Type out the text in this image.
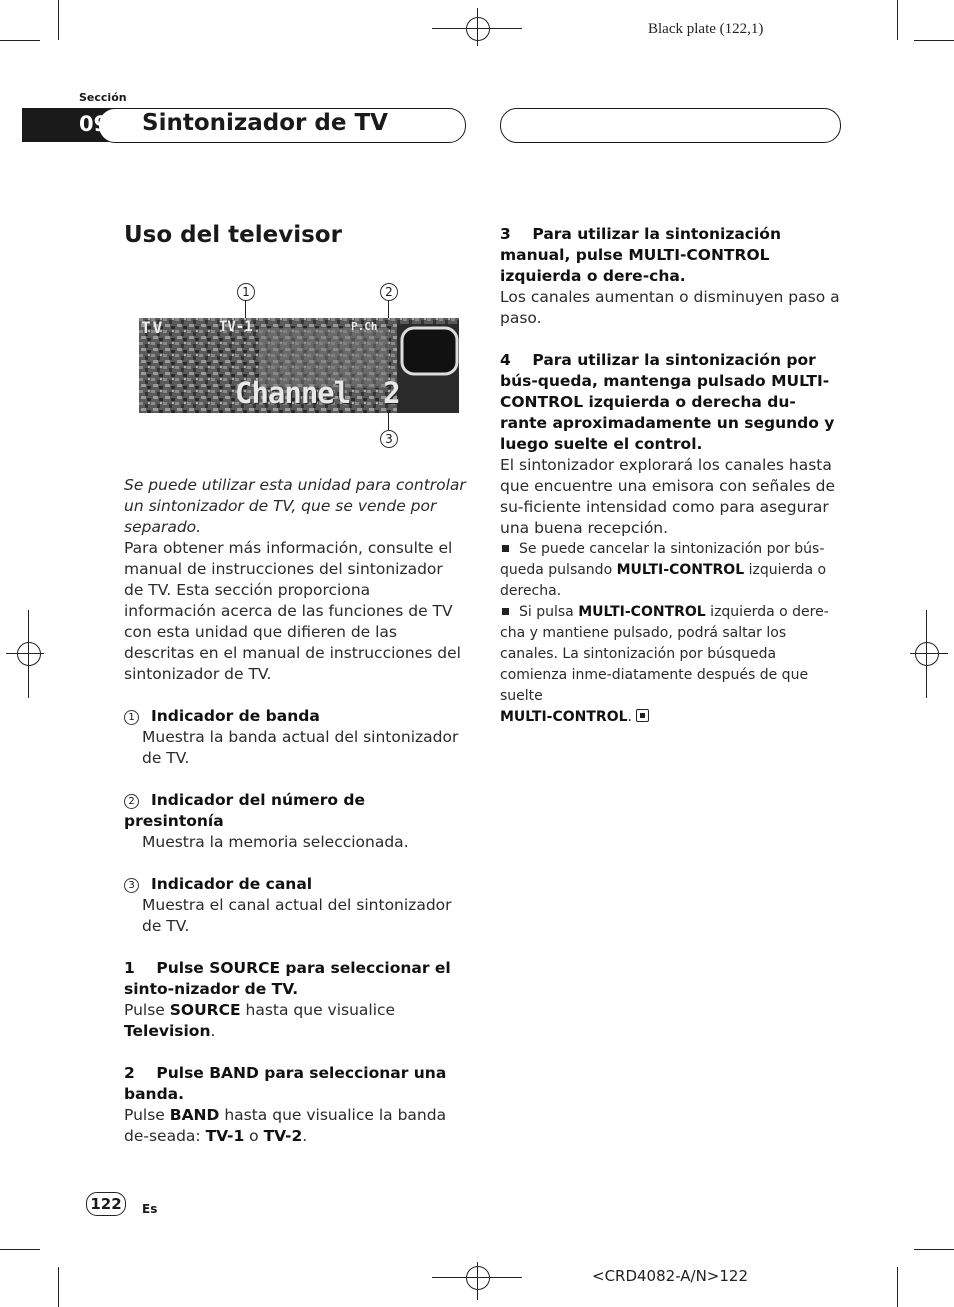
Black plate (122,1)
Sección
09 Sintonizador de TV
Uso del televisor
1	2
3
TV	TV-1	P.Ch
Channel  2

Se puede utilizar esta unidad para controlar un sintonizador de TV, que se vende por separado.

Para obtener más información, consulte el manual de instrucciones del sintonizador de TV. Esta sección proporciona información acerca de las funciones de TV con esta unidad que difieren de las descritas en el manual de instrucciones del sintonizador de TV.

1 Indicador de banda

Muestra la banda actual del sintonizador de TV.

2 Indicador del número de presintonía

Muestra la memoria seleccionada.

3 Indicador de canal

Muestra el canal actual del sintonizador de TV.

1    Pulse SOURCE para seleccionar el sinto-nizador de TV.

Pulse SOURCE hasta que visualice Television.

2    Pulse BAND para seleccionar una banda.

Pulse BAND hasta que visualice la banda de-seada: TV-1 o TV-2.

3    Para utilizar la sintonización manual, pulse MULTI-CONTROL izquierda o dere-cha.

Los canales aumentan o disminuyen paso a paso.

4    Para utilizar la sintonización por bús-queda, mantenga pulsado MULTI-CONTROL izquierda o derecha du-rante aproximadamente un segundo y luego suelte el control.

El sintonizador explorará los canales hasta que encuentre una emisora con señales de su-ficiente intensidad como para asegurar una buena recepción.

Se puede cancelar la sintonización por bús-queda pulsando MULTI-CONTROL izquierda o derecha.

Si pulsa MULTI-CONTROL izquierda o dere-cha y mantiene pulsado, podrá saltar los canales. La sintonización por búsqueda comienza inme-diatamente después de que suelte
MULTI-CONTROL.

122	Es
<CRD4082-A/N>122
